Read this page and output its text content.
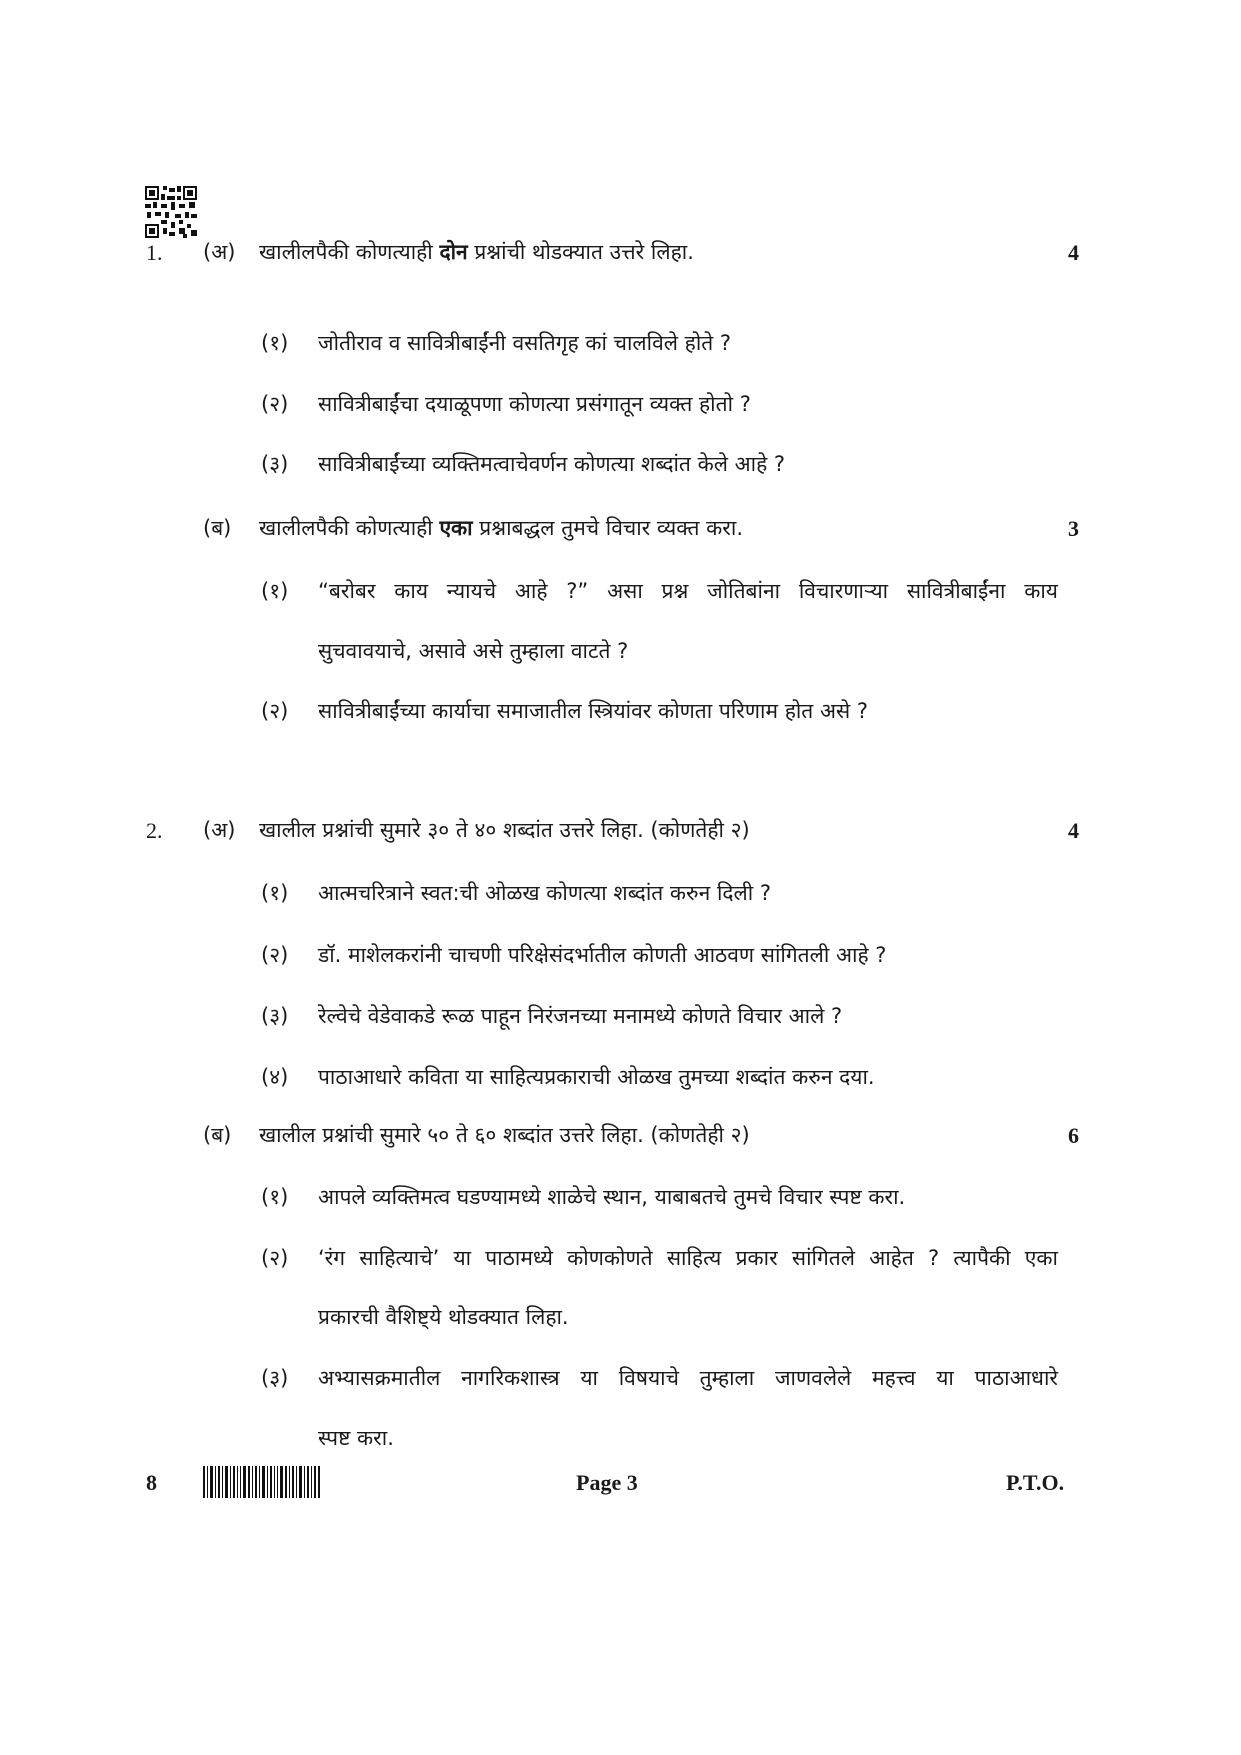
1. (अ) खालीलपैकी कोणत्याही दोन प्रश्नांची थोडक्यात उत्तरे लिहा.	4
(१) जोतीराव व सावित्रीबाईंनी वसतिगृह कां चालविले होते ?
(२) सावित्रीबाईंचा दयाळूपणा कोणत्या प्रसंगातून व्यक्त होतो ?
(३) सावित्रीबाईंच्या व्यक्तिमत्वाचेवर्णन कोणत्या शब्दांत केले आहे ?
(ब) खालीलपैकी कोणत्याही एका प्रश्नाबद्धल तुमचे विचार व्यक्त करा.	3
(१) “बरोबर काय न्यायचे आहे ?” असा प्रश्न जोतिबांना विचारणाऱ्या सावित्रीबाईंना काय
सुचवावयाचे, असावे असे तुम्हाला वाटते ?
(२) सावित्रीबाईंच्या कार्याचा समाजातील स्त्रियांवर कोणता परिणाम होत असे ?
2. (अ) खालील प्रश्नांची सुमारे ३० ते ४० शब्दांत उत्तरे लिहा. (कोणतेही २)	4
(१) आत्मचरित्राने स्वत:ची ओळख कोणत्या शब्दांत करुन दिली ?
(२) डॉ. माशेलकरांनी चाचणी परिक्षेसंदर्भातील कोणती आठवण सांगितली आहे ?
(३) रेल्वेचे वेडेवाकडे रूळ पाहून निरंजनच्या मनामध्ये कोणते विचार आले ?
(४) पाठाआधारे कविता या साहित्यप्रकाराची ओळख तुमच्या शब्दांत करुन दया.
(ब) खालील प्रश्नांची सुमारे ५० ते ६० शब्दांत उत्तरे लिहा. (कोणतेही २)	6
(१) आपले व्यक्तिमत्व घडण्यामध्ये शाळेचे स्थान, याबाबतचे तुमचे विचार स्पष्ट करा.
(२) ‘रंग साहित्याचे’ या पाठामध्ये कोणकोणते साहित्य प्रकार सांगितले आहेत ? त्यापैकी एका
प्रकारची वैशिष्ट्ये थोडक्यात लिहा.
(३) अभ्यासक्रमातील नागरिकशास्त्र या विषयाचे तुम्हाला जाणवलेले महत्त्व या पाठाआधारे
स्पष्ट करा.
8	Page 3	P.T.O.
